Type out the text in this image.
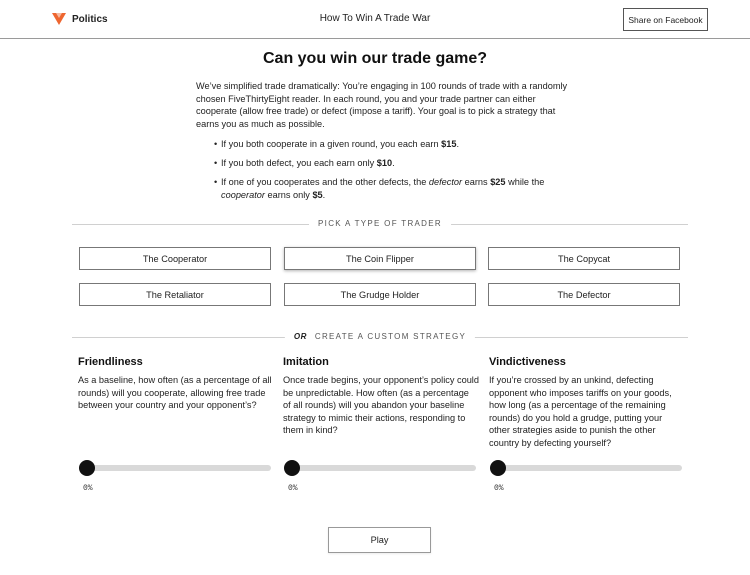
Politics	How To Win A Trade War	Share on Facebook
Can you win our trade game?

We’ve simplified trade dramatically: You’re engaging in 100 rounds of trade with a randomly chosen FiveThirtyEight reader. In each round, you and your trade partner can either cooperate (allow free trade) or defect (impose a tariff). Your goal is to pick a strategy that earns you as much as possible.

• If you both cooperate in a given round, you each earn $15.
• If you both defect, you each earn only $10.
• If one of you cooperates and the other defects, the defector earns $25 while the cooperator earns only $5.
PICK A TYPE OF TRADER
The Cooperator	The Coin Flipper	The Copycat
The Retaliator	The Grudge Holder	The Defector
OR CREATE A CUSTOM STRATEGY
Friendliness

As a baseline, how often (as a percentage of all rounds) will you cooperate, allowing free trade between your country and your opponent’s?

Imitation

Once trade begins, your opponent’s policy could be unpredictable. How often (as a percentage of all rounds) will you abandon your baseline strategy to mimic their actions, responding to them in kind?

Vindictiveness

If you’re crossed by an unkind, defecting opponent who imposes tariffs on your goods, how long (as a percentage of the remaining rounds) do you hold a grudge, putting your other strategies aside to punish the other country by defecting yourself?

0%	0%	0%
Play
